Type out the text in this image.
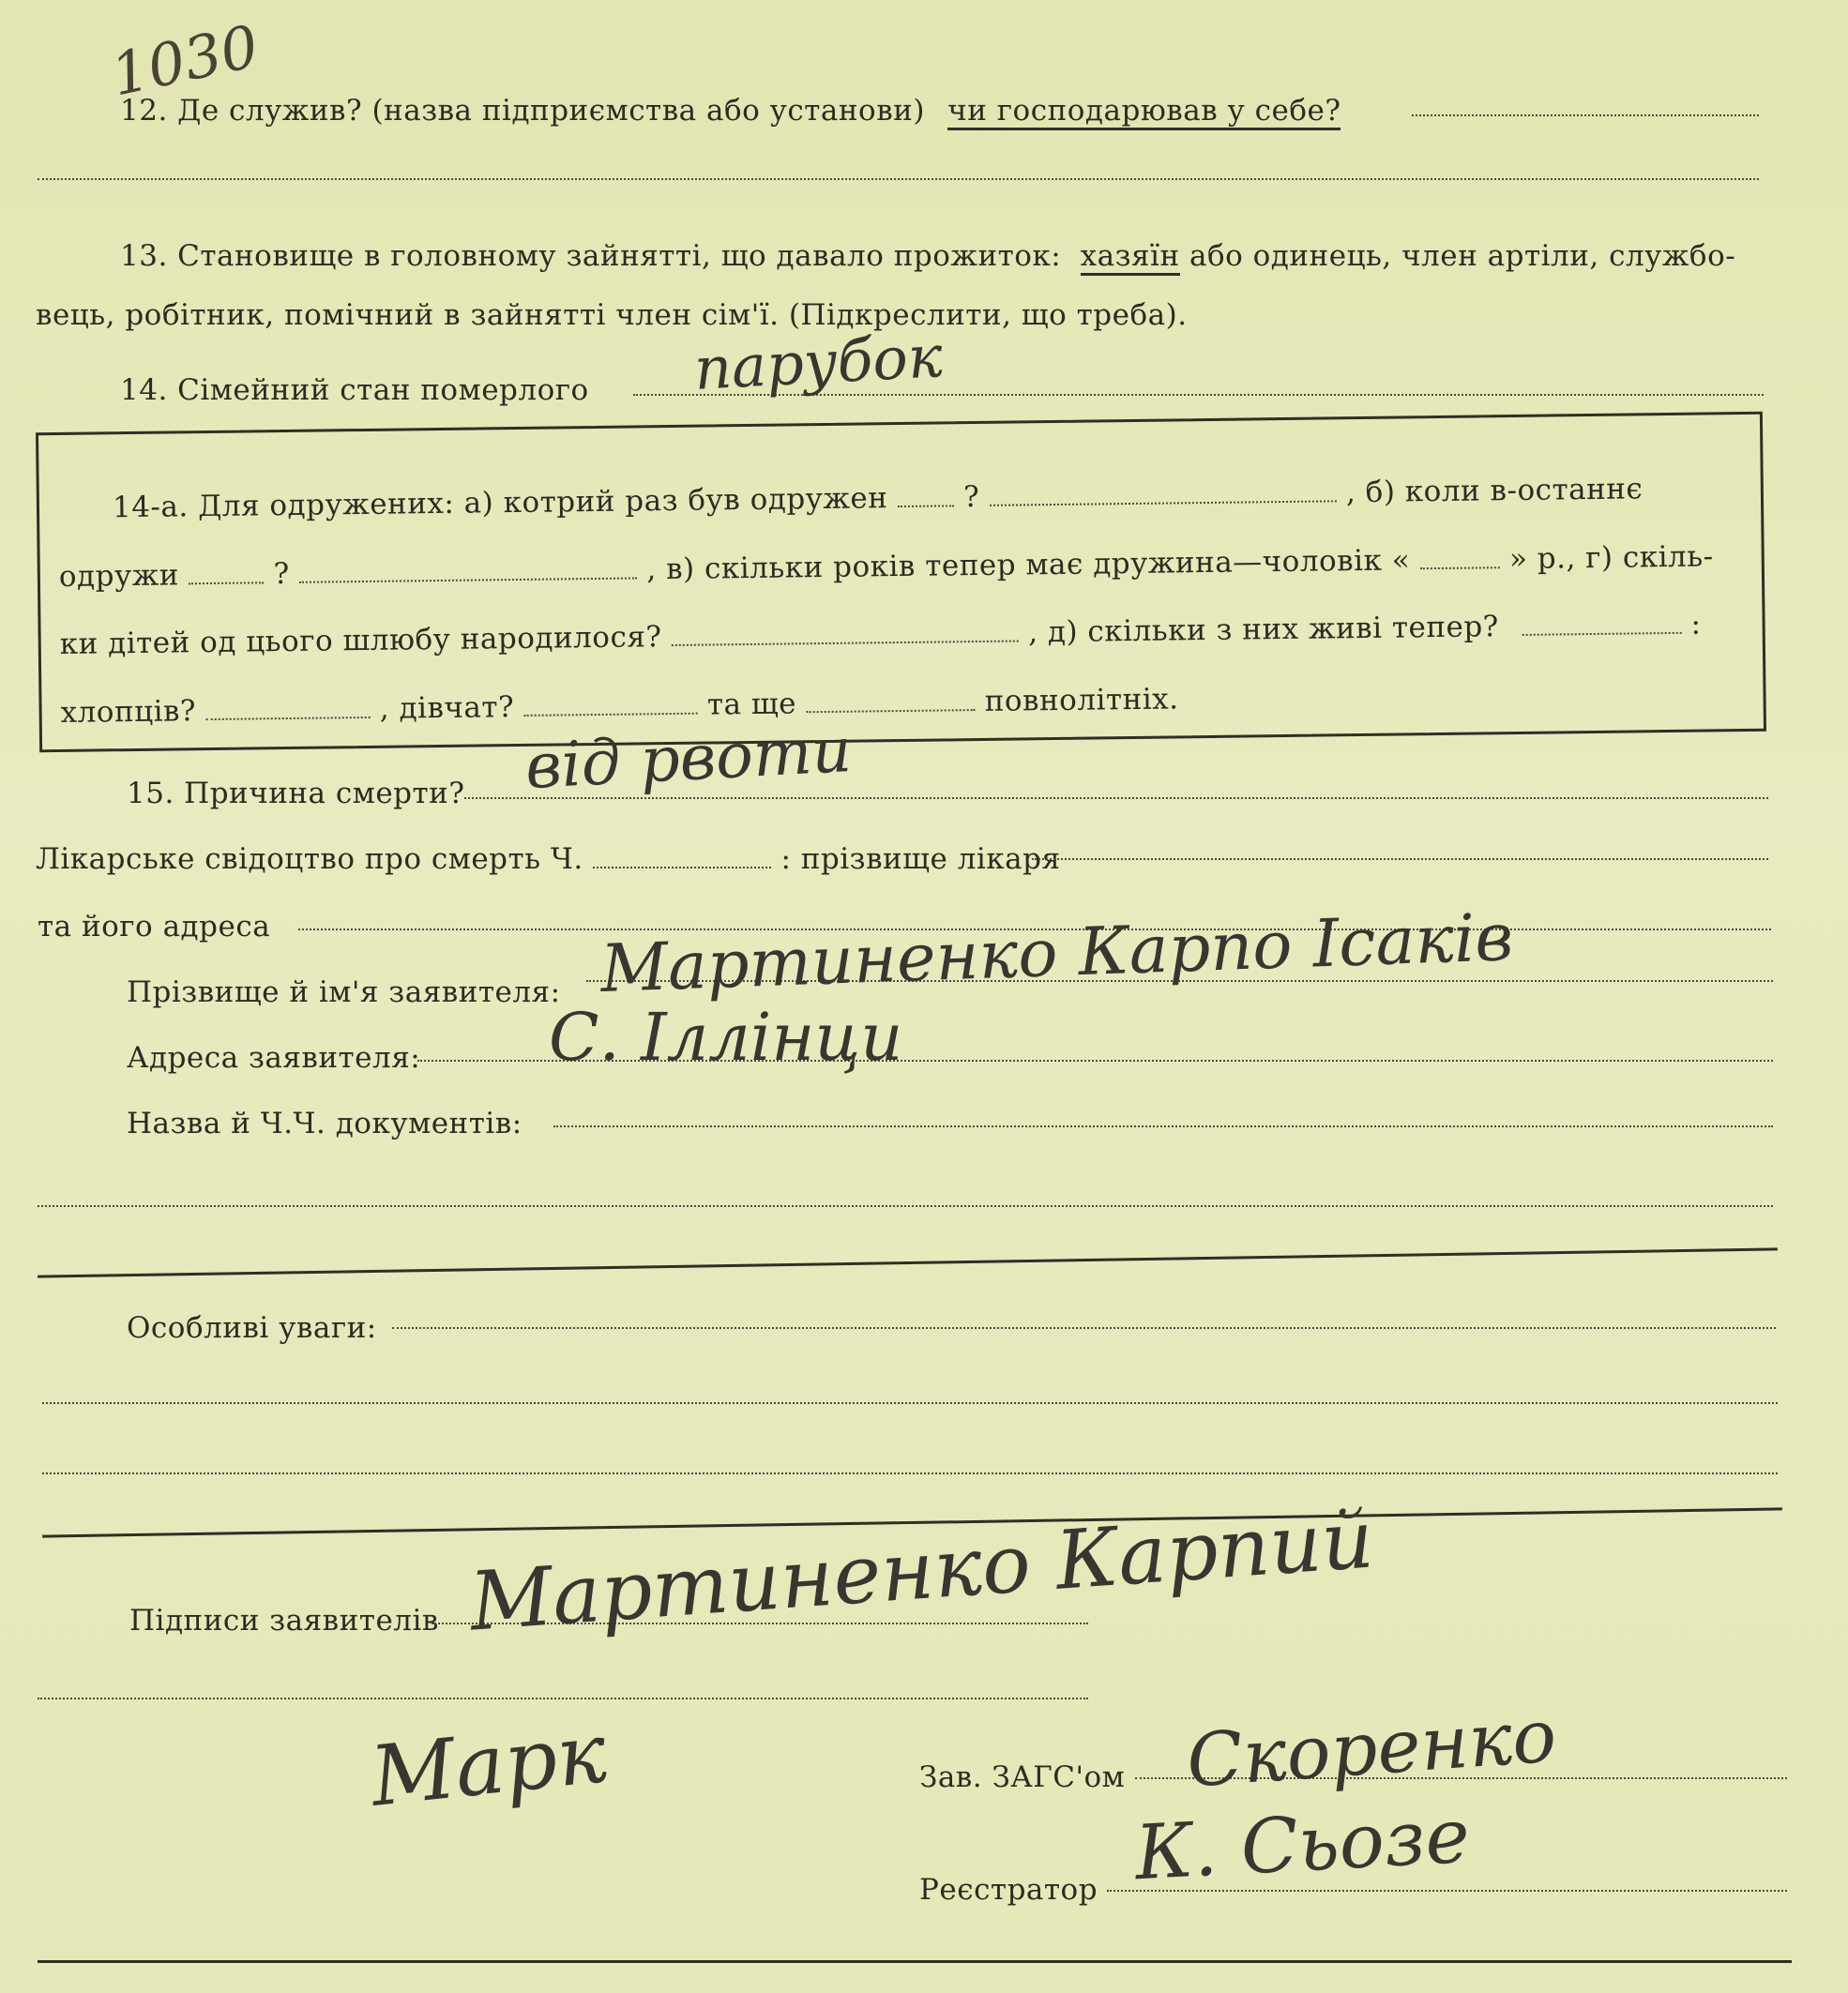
1030
12. Де служив? (назва підприємства або установи) чи господарював у себе?
13. Становище в головному зайнятті, що давало прожиток: хазяїн або одинець, член артіли, службо-
вець, робітник, помічний в зайнятті член сім'ї. (Підкреслити, що треба).
14. Сімейний стан померлого парубок
14-а. Для одружених: а) котрий раз був одружен	?	, б) коли в-останнє
одружи	?	, в) скільки років тепер має дружина—чоловік «	» р., г) скіль-
ки дітей од цього шлюбу народилося?	, д) скільки з них живі тепер?	:
хлопців?	, дівчат?	та ще	повнолітніх.
15. Причина смерти? від рвоти
Лікарське свідоцтво про смерть Ч.	: прізвище лікаря
та його адреса
Прізвище й ім'я заявителя: Мартиненко Карпо Ісаків
Адреса заявителя: С. Іллінци
Назва й Ч.Ч. документів:
Особливі уваги:
Підписи заявителів Мартиненко Карпий
Марк	Зав. ЗАГС'ом Скоренко
Реєстратор К. Сьозе
